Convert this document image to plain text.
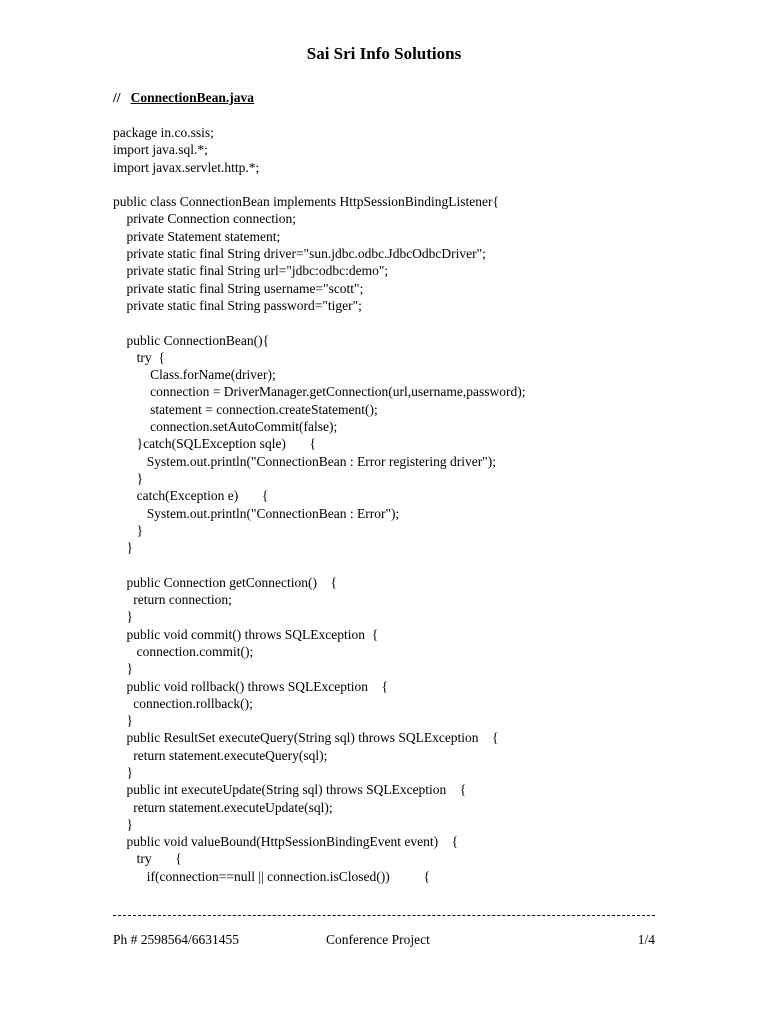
Sai Sri Info Solutions
//   ConnectionBean.java
package in.co.ssis;
import java.sql.*;
import javax.servlet.http.*;
public class ConnectionBean implements HttpSessionBindingListener{
private Connection connection;
private Statement statement;
private static final String driver="sun.jdbc.odbc.JdbcOdbcDriver";
private static final String url="jdbc:odbc:demo";
private static final String username="scott";
private static final String password="tiger";
public ConnectionBean(){
try  {
Class.forName(driver);
connection = DriverManager.getConnection(url,username,password);
statement = connection.createStatement();
connection.setAutoCommit(false);
}catch(SQLException sqle)       {
System.out.println("ConnectionBean : Error registering driver");
}
catch(Exception e)       {
System.out.println("ConnectionBean : Error");
}
}
public Connection getConnection()    {
return connection;
}
public void commit() throws SQLException  {
connection.commit();
}
public void rollback() throws SQLException    {
connection.rollback();
}
public ResultSet executeQuery(String sql) throws SQLException    {
return statement.executeQuery(sql);
}
public int executeUpdate(String sql) throws SQLException    {
return statement.executeUpdate(sql);
}
public void valueBound(HttpSessionBindingEvent event)    {
try       {
if(connection==null || connection.isClosed())          {
Ph # 2598564/6631455	Conference Project	1/4
